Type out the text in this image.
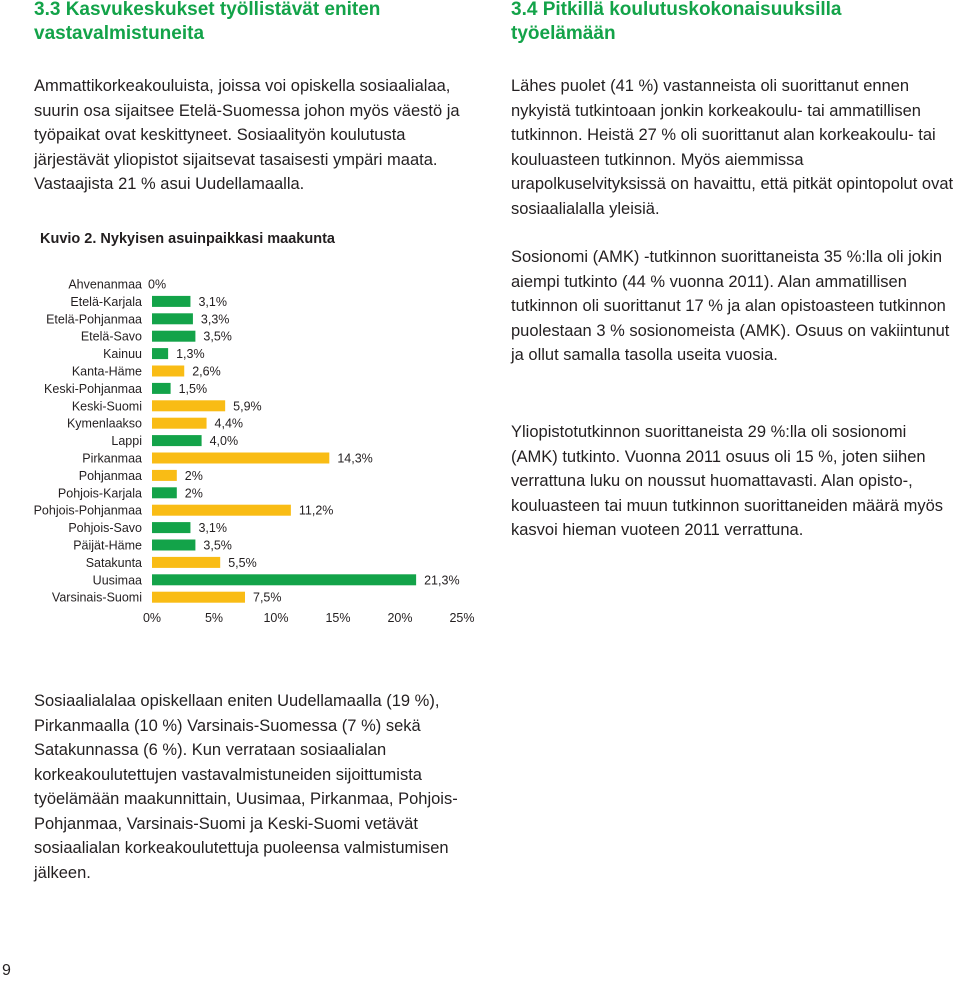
3.3 Kasvukeskukset työllistävät eniten vastavalmistuneita

Ammattikorkeakouluista, joissa voi opiskella sosiaalialaa, suurin osa sijaitsee Etelä-Suomessa johon myös väestö ja työpaikat ovat keskittyneet. Sosiaalityön koulutusta järjestävät yliopistot sijaitsevat tasaisesti ympäri maata. Vastaajista 21 % asui Uudellamaalla.

Kuvio 2. Nykyisen asuinpaikkasi maakunta

Ahvenanmaa 0%
Etelä-Karjala	3,1%
Etelä-Pohjanmaa	3,3%
Etelä-Savo	3,5%
Kainuu	1,3%
Kanta-Häme	2,6%
Keski-Pohjanmaa	1,5%
Keski-Suomi	5,9%
Kymenlaakso	4,4%
Lappi	4,0%
Pirkanmaa	14,3%
Pohjanmaa	2%
Pohjois-Karjala	2%
Pohjois-Pohjanmaa	11,2%
Pohjois-Savo	3,1%
Päijät-Häme	3,5%
Satakunta	5,5%
Uusimaa	21,3%
Varsinais-Suomi	7,5%
0%	5%	10%	15%	20%	25%
3.4 Pitkillä koulutuskokonaisuuksilla työelämään

Lähes puolet (41 %) vastanneista oli suorittanut ennen nykyistä tutkintoaan jonkin korkeakoulu- tai ammatillisen tutkinnon. Heistä 27 % oli suorittanut alan korkeakoulu- tai kouluasteen tutkinnon. Myös aiemmissa urapolkuselvityksissä on havaittu, että pitkät opintopolut ovat sosiaalialalla yleisiä.

Sosionomi (AMK) -tutkinnon suorittaneista 35 %:lla oli jokin aiempi tutkinto (44 % vuonna 2011). Alan ammatillisen tutkinnon oli suorittanut 17 % ja alan opistoasteen tutkinnon puolestaan 3 % sosionomeista (AMK). Osuus on vakiintunut ja ollut samalla tasolla useita vuosia.

Yliopistotutkinnon suorittaneista 29 %:lla oli sosionomi (AMK) tutkinto. Vuonna 2011 osuus oli 15 %, joten siihen verrattuna luku on noussut huomattavasti. Alan opisto-, kouluasteen tai muun tutkinnon suorittaneiden määrä myös kasvoi hieman vuoteen 2011 verrattuna.

Sosiaalialalaa opiskellaan eniten Uudellamaalla (19 %), Pirkanmaalla (10 %) Varsinais-Suomessa (7 %) sekä Satakunnassa (6 %). Kun verrataan sosiaalialan korkeakoulutettujen vastavalmistuneiden sijoittumista työelämään maakunnittain, Uusimaa, Pirkanmaa, Pohjois-Pohjanmaa, Varsinais-Suomi ja Keski-Suomi vetävät sosiaalialan korkeakoulutettuja puoleensa valmistumisen jälkeen.

9
